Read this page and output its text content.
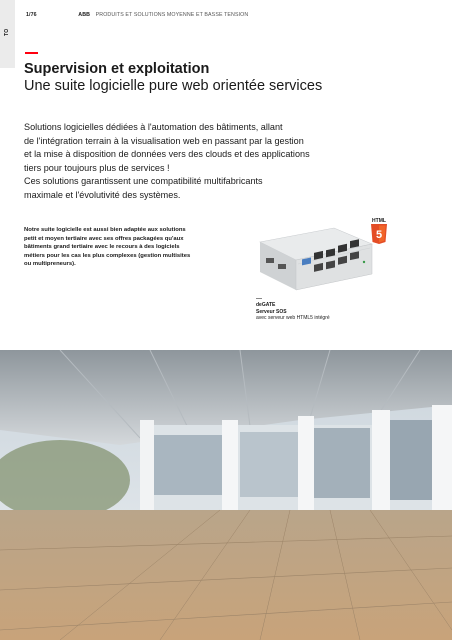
TO
1/76	ABB PRODUITS ET SOLUTIONS MOYENNE ET BASSE TENSION
Supervision et exploitation
Une suite logicielle pure web orientée services

Solutions logicielles dédiées à l'automation des bâtiments, allant

de l'intégration terrain à la visualisation web en passant par la gestion

et la mise à disposition de données vers des clouds et des applications

tiers pour toujours plus de services !

Ces solutions garantissent une compatibilité multifabricants

maximale et l'évolutivité des systèmes.

Notre suite logicielle est aussi bien adaptée aux solutions
petit et moyen tertiaire avec ses offres packagées qu'aux
bâtiments grand tertiaire avec le recours à des logiciels
métiers pour les cas les plus complexes (gestion multisites
ou multipreneurs).
HTML
5
deGATE
Serveur SOS
avec serveur web HTML5 intégré
